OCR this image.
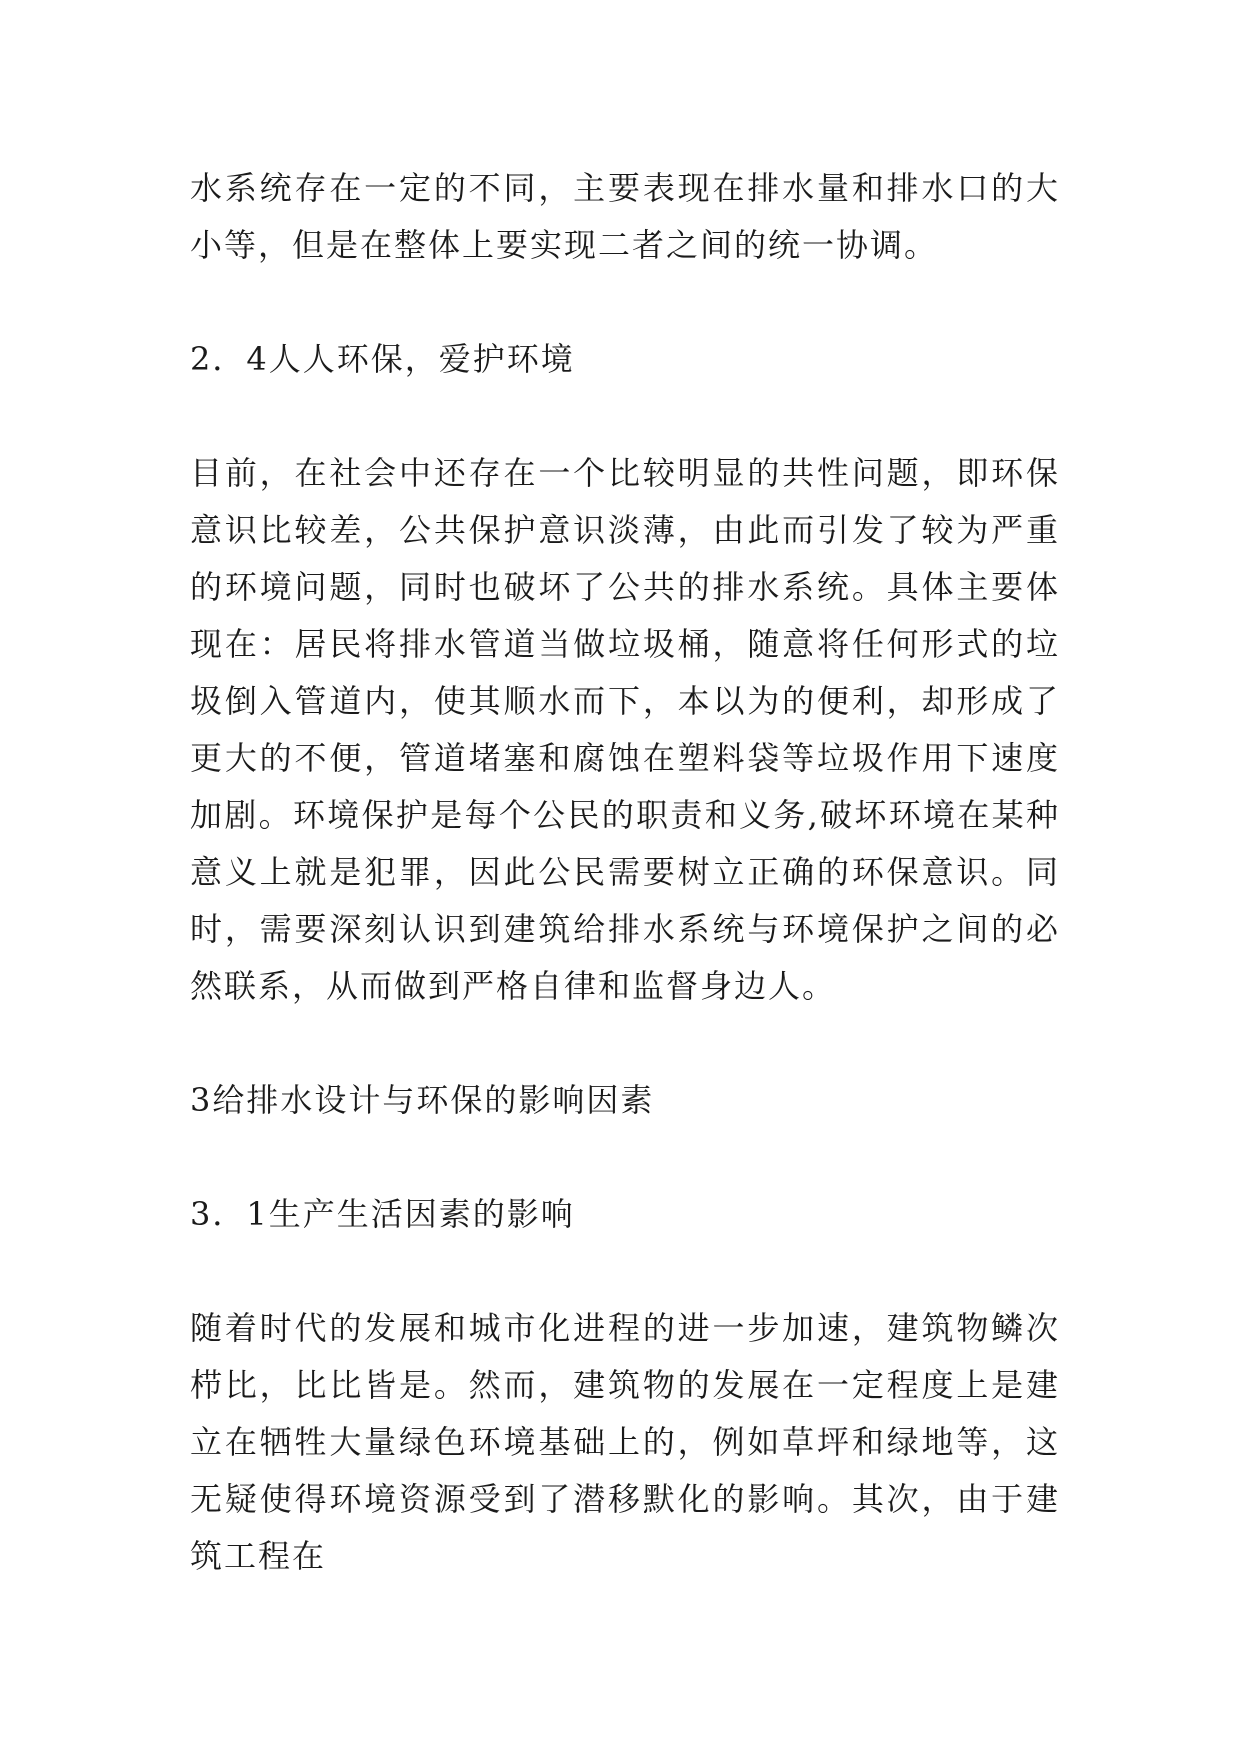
水系统存在一定的不同，主要表现在排水量和排水口的大小等，但是在整体上要实现二者之间的统一协调。

2．4人人环保，爱护环境

目前，在社会中还存在一个比较明显的共性问题，即环保意识比较差，公共保护意识淡薄，由此而引发了较为严重的环境问题，同时也破坏了公共的排水系统。具体主要体现在：居民将排水管道当做垃圾桶，随意将任何形式的垃圾倒入管道内，使其顺水而下，本以为的便利，却形成了更大的不便，管道堵塞和腐蚀在塑料袋等垃圾作用下速度加剧。环境保护是每个公民的职责和义务,破坏环境在某种意义上就是犯罪，因此公民需要树立正确的环保意识。同时，需要深刻认识到建筑给排水系统与环境保护之间的必然联系，从而做到严格自律和监督身边人。

3给排水设计与环保的影响因素

3．1生产生活因素的影响

随着时代的发展和城市化进程的进一步加速，建筑物鳞次栉比，比比皆是。然而，建筑物的发展在一定程度上是建立在牺牲大量绿色环境基础上的，例如草坪和绿地等，这无疑使得环境资源受到了潜移默化的影响。其次，由于建筑工程在
